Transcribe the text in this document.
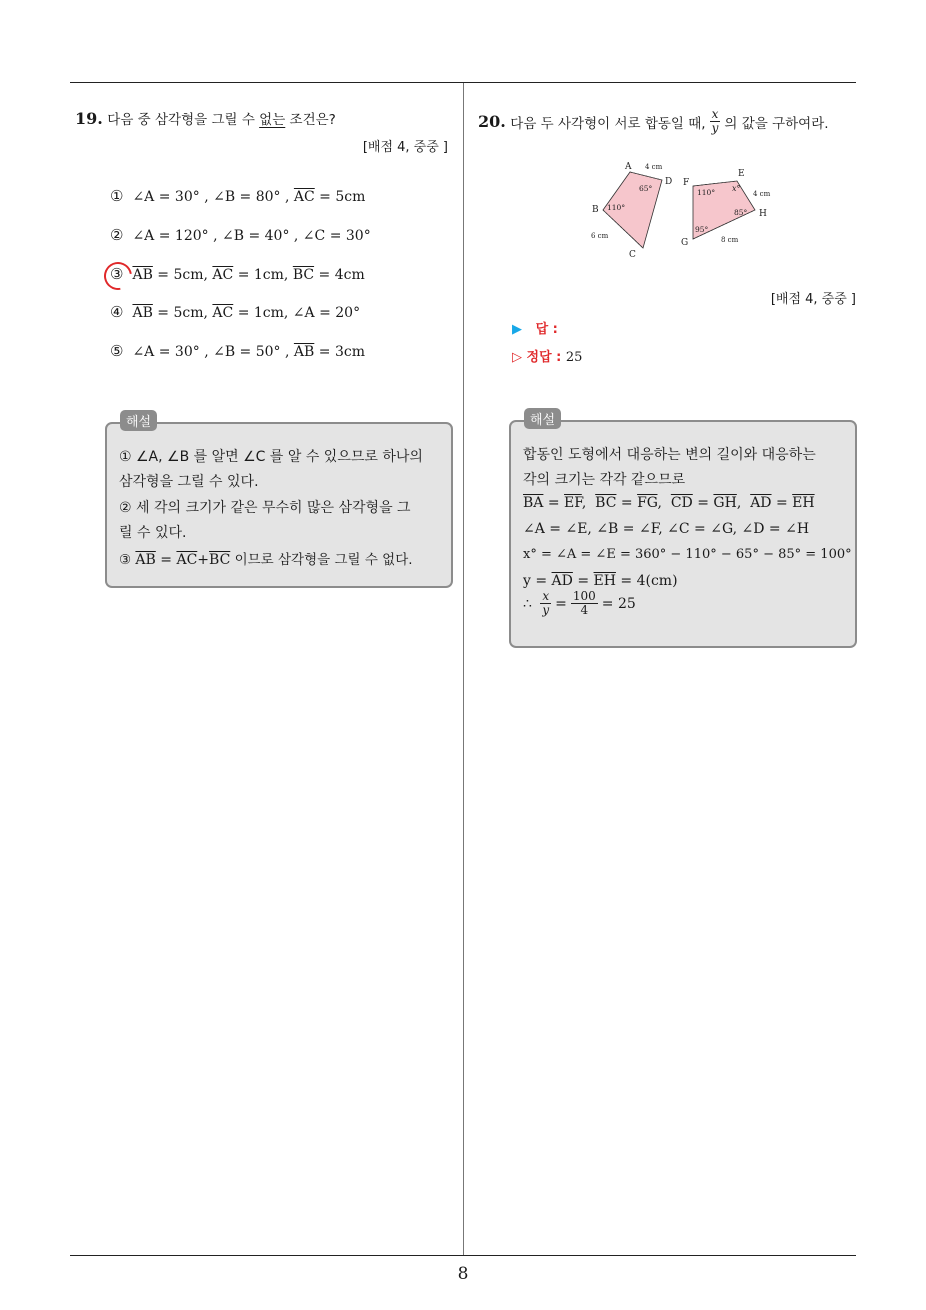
19. 다음 중 삼각형을 그릴 수 없는 조건은?
[배점 4, 중중 ]
① ∠A = 30° , ∠B = 80° , $\overline{AC} = 5cm$
② ∠A = 120° , ∠B = 40° , ∠C = 30°
③ $\overline{AB} = 5cm$, $\overline{AC} = 1cm$, $\overline{BC} = 4cm$
④ $\overline{AB} = 5cm$, $\overline{AC} = 1cm$, ∠A = 20°
⑤ ∠A = 30° , ∠B = 50° , $\overline{AB} = 3cm$
① ∠A, ∠B 를 알면 ∠C 를 알 수 있으므로 하나의
삼각형을 그릴 수 있다.
② 세 각의 크기가 같은 무수히 많은 삼각형을 그
릴 수 있다.
③ $\overline{AB} = \overline{AC}+\overline{BC}$ 이므로 삼각형을 그릴 수 없다.
해설
20.
다음 두 사각형이 서로 합동일 때, $\frac{x}{y}$ 의 값을 구하여라.
A
D
B
C
E
F
G
H
65°
110°
110° x°
85°
95°
4 cm
6 cm
4 cm
8 cm
[배점 4, 중중 ]
▶ 답 :
▷ 정답 : 25
합동인 도형에서 대응하는 변의 길이와 대응하는
각의 크기는 각각 같으므로
$\overline{BA} = \overline{EF}$,  $\overline{BC} = \overline{FG}$,  $\overline{CD} = \overline{GH}$,  $\overline{AD} = \overline{EH}$
∠A = ∠E, ∠B = ∠F, ∠C = ∠G, ∠D = ∠H
x° = ∠A = ∠E = 360° − 110° − 65° − 85° = 100°
$y = \overline{AD} = \overline{EH} = 4(cm)$
∴
$\frac{x}{y} = \frac{100}{4} = 25$
해설
8
